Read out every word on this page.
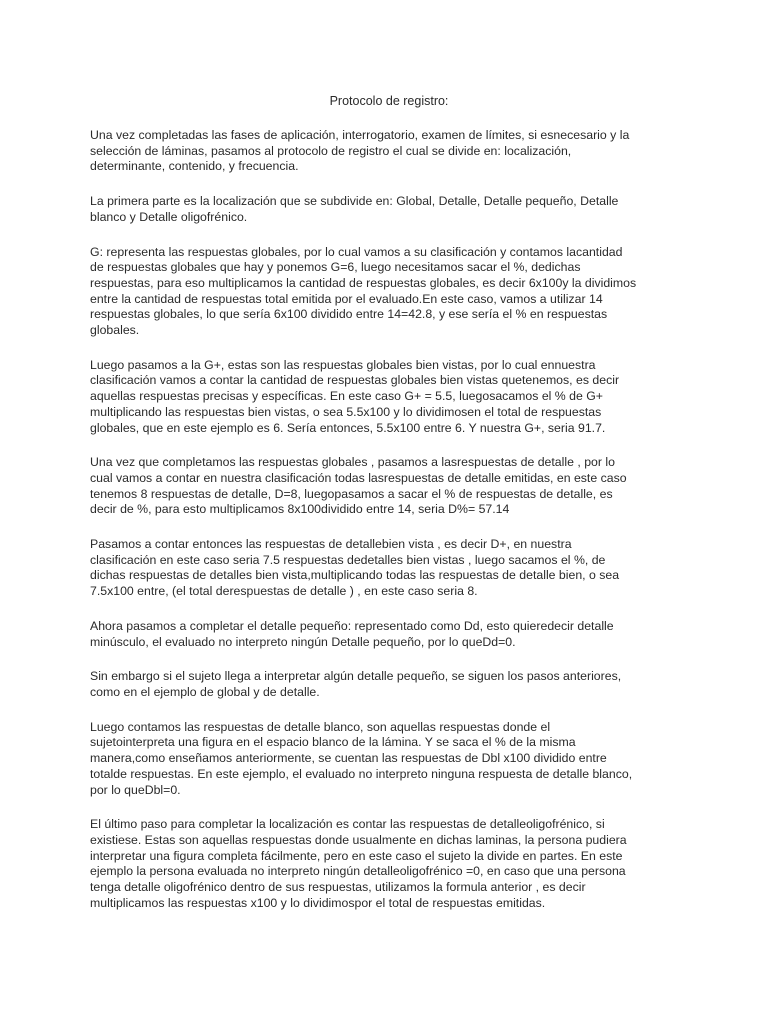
Protocolo de registro:
Una vez completadas las fases de aplicación, interrogatorio, examen de límites, si esnecesario y la
selección de láminas, pasamos al protocolo de registro el cual se divide en: localización,
determinante, contenido, y frecuencia.
La primera parte es la localización que se subdivide en: Global, Detalle, Detalle pequeño, Detalle
blanco y Detalle oligofrénico.
G: representa las respuestas globales, por lo cual vamos a su clasificación y contamos lacantidad
de respuestas globales que hay y ponemos G=6, luego necesitamos sacar el %, dedichas
respuestas, para eso multiplicamos la cantidad de respuestas globales, es decir 6x100y la dividimos
entre la cantidad de respuestas total emitida por el evaluado.En este caso, vamos a utilizar 14
respuestas globales, lo que sería 6x100 dividido entre 14=42.8, y ese sería el % en respuestas
globales.
Luego pasamos a la G+, estas son las respuestas globales bien vistas, por lo cual ennuestra
clasificación vamos a contar la cantidad de respuestas globales bien vistas quetenemos, es decir
aquellas respuestas precisas y específicas. En este caso G+ = 5.5, luegosacamos el % de G+
multiplicando las respuestas bien vistas, o sea 5.5x100 y lo dividimosen el total de respuestas
globales, que en este ejemplo es 6. Sería entonces, 5.5x100 entre 6. Y nuestra G+, seria 91.7.
Una vez que completamos las respuestas globales , pasamos a lasrespuestas de detalle , por lo
cual vamos a contar en nuestra clasificación todas lasrespuestas de detalle emitidas, en este caso
tenemos 8 respuestas de detalle, D=8, luegopasamos a sacar el % de respuestas de detalle, es
decir de %, para esto multiplicamos 8x100dividido entre 14, seria D%= 57.14
Pasamos a contar entonces las respuestas de detallebien vista , es decir D+, en nuestra
clasificación en este caso seria 7.5 respuestas dedetalles bien vistas , luego sacamos el %, de
dichas respuestas de detalles bien vista,multiplicando todas las respuestas de detalle bien, o sea
7.5x100 entre, (el total derespuestas de detalle ) , en este caso seria 8.
Ahora pasamos a completar el detalle pequeño: representado como Dd, esto quieredecir detalle
minúsculo, el evaluado no interpreto ningún Detalle pequeño, por lo queDd=0.
Sin embargo si el sujeto llega a interpretar algún detalle pequeño, se siguen los pasos anteriores,
como en el ejemplo de global y de detalle.
Luego contamos las respuestas de detalle blanco, son aquellas respuestas donde el
sujetointerpreta una figura en el espacio blanco de la lámina. Y se saca el % de la misma
manera,como enseñamos anteriormente, se cuentan las respuestas de Dbl x100 dividido entre
totalde respuestas. En este ejemplo, el evaluado no interpreto ninguna respuesta de detalle blanco,
por lo queDbl=0.
El último paso para completar la localización es contar las respuestas de detalleoligofrénico, si
existiese. Estas son aquellas respuestas donde usualmente en dichas laminas, la persona pudiera
interpretar una figura completa fácilmente, pero en este caso el sujeto la divide en partes. En este
ejemplo la persona evaluada no interpreto ningún detalleoligofrénico =0, en caso que una persona
tenga detalle oligofrénico dentro de sus respuestas, utilizamos la formula anterior , es decir
multiplicamos las respuestas x100 y lo dividimospor el total de respuestas emitidas.
